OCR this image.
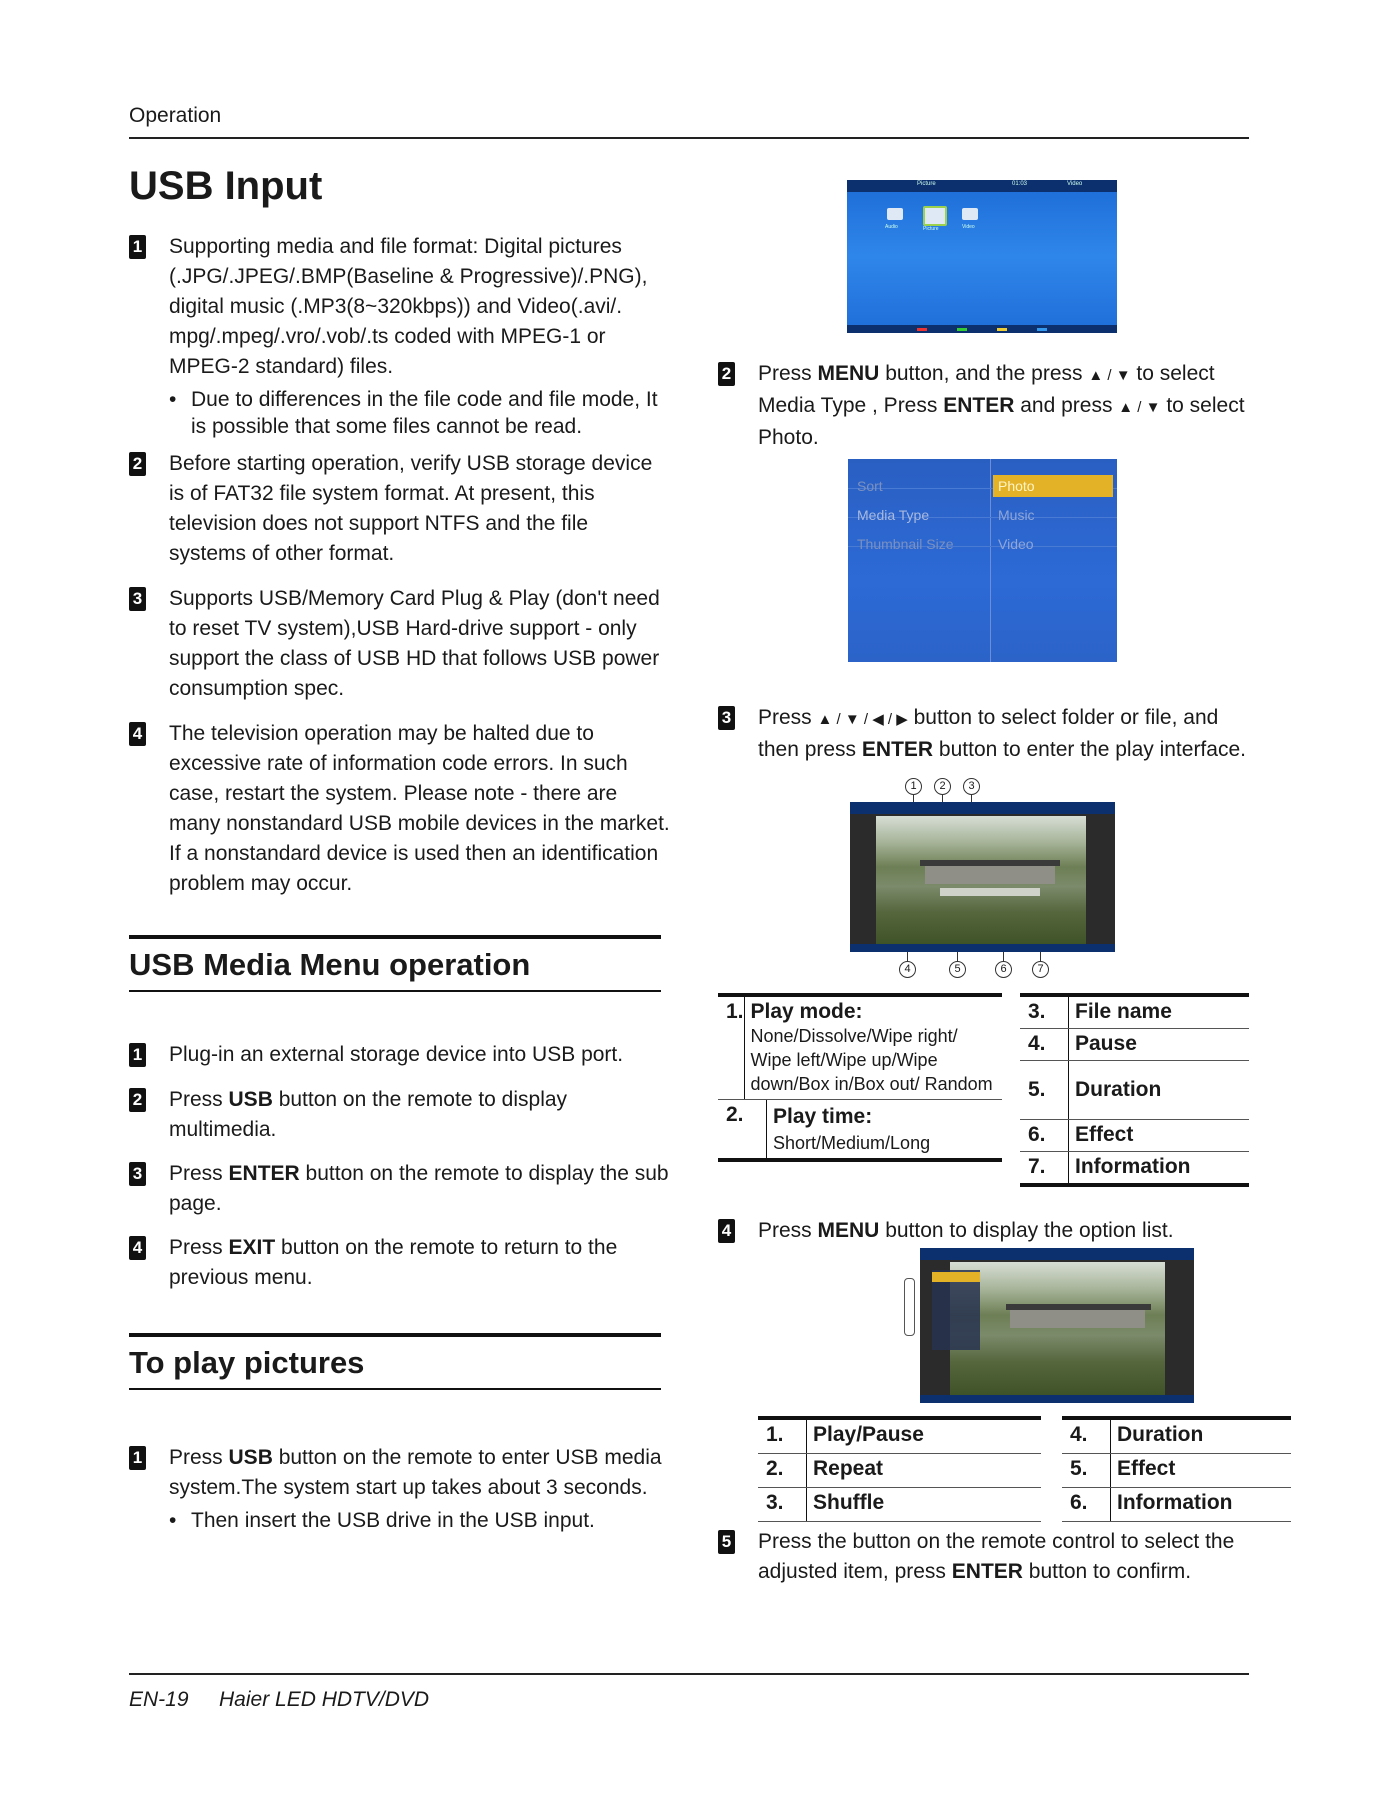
Operation
USB Input
1 Supporting media and file format: Digital pictures (.JPG/.JPEG/.BMP(Baseline & Progressive)/.PNG), digital music (.MP3(8~320kbps)) and Video(.avi/. mpg/.mpeg/.vro/.vob/.ts coded with MPEG-1 or MPEG-2 standard) files.
• Due to differences in the file code and file mode, It is possible that some files cannot be read.
2 Before starting operation, verify USB storage device is of FAT32 file system format. At present, this television does not support NTFS and the file systems of other format.
3 Supports USB/Memory Card Plug & Play (don't need to reset TV system),USB Hard-drive support - only support the class of USB HD that follows USB power consumption spec.
4 The television operation may be halted due to excessive rate of information code errors. In such case, restart the system. Please note - there are many nonstandard USB mobile devices in the market. If a nonstandard device is used then an identification problem may occur.
USB Media Menu operation
1 Plug-in an external storage device into USB port.
2 Press USB button on the remote to display multimedia.
3 Press ENTER button on the remote to display the sub page.
4 Press EXIT button on the remote to return to the previous menu.
To play pictures
1 Press USB button on the remote to enter USB media system.The system start up takes about 3 seconds.
• Then insert the USB drive in the USB input.
Picture	01:03	Video
Audio	Picture	Video
2 Press MENU button, and the press ▲ / ▼ to select Media Type , Press ENTER and press ▲ / ▼ to select Photo.
Sort
Media Type
Thumbnail Size
Photo
Music
Video
3 Press ▲ / ▼ / ◀ / ▶ button to select folder or file, and then press ENTER button to enter the play interface.
1	2	3
4	5	6	7
1. Play mode:
None/Dissolve/Wipe right/ Wipe left/Wipe up/Wipe down/Box in/Box out/ Random
2.	Play time:
Short/Medium/Long
3.	File name
4.	Pause
5.	Duration
6.	Effect
7.	Information
4 Press MENU button to display the option list.
1.	Play/Pause
2.	Repeat
3.	Shuffle
4.	Duration
5.	Effect
6.	Information
5 Press the button on the remote control to select the adjusted item, press ENTER button to confirm.
EN-19 Haier LED HDTV/DVD
